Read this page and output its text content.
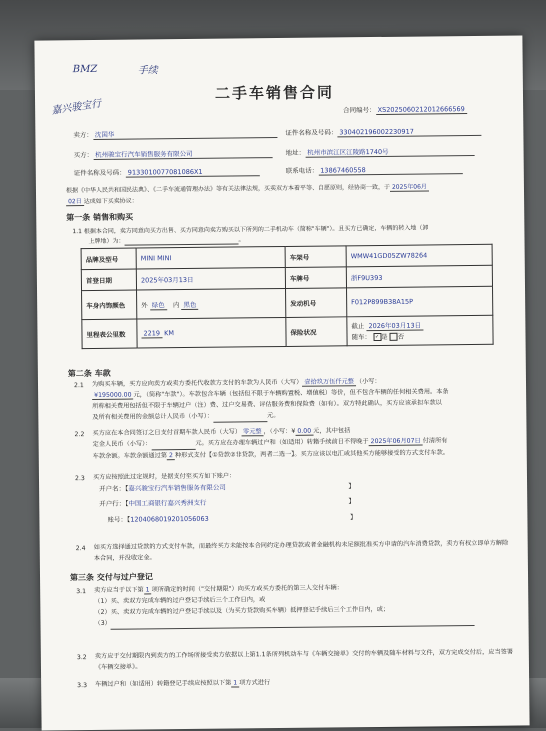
BMZ	手续
嘉兴骏宝行
二手车销售合同
合同编号： XS2025060212012666569
卖方： 沈国华	证件名称及号码： 330402196002230917
买方： 杭州骏宝行汽车销售服务有限公司	地址： 杭州市滨江区江陵路1740号
证件名称及号码： 913301007708108​6X1	联系电话： 13867460558
根据《中华人民共和国民法典》、《二手车流通管理办法》等有关法律法规，买卖双方本着平等、自愿原则，经协商一致，于 2025年06月
02日 达成如下买卖协议：
第一条 销售和购买
1.1 根据本合同，卖方同意向买方出售、买方同意向卖方购买以下所列的二手机动车（简称"车辆"）。且买方已确定，车辆的转入地（卸
上牌地）为：	。
品牌及型号	MINI MINI	车架号	WMW41GD05Z​W78264
首登日期	2025年03月13日	车牌号	浙F9U393
车身内饰颜色	外 绿色 内 黑色	发动机号	F012P899B38A15P
里程表公里数	2219 KM	保险状况	截止 2026年03月13日
随车： ✓ 是 否
第二条 车款
2.1 为购买车辆，买方应向卖方或卖方委托代收款方支付的车款为人民币（大写） 壹拾玖万伍仟元整 （小写：
¥195000.00 元，（简称"车款"）。车款包含车辆（包括但不限于车辆购置税、增值税）等价，但不包含车辆的任何相关费用。本条
所称相关费用包括但不限于车辆过户（注）费、过户交易费、评估服务费和保险费（如有）。双方特此确认，买方应该承担车款以
及所有相关费用的金额总计人民币（小写）：	元。
2.2 买方应在本合同签订之日支付首期车款人民币（大写） 零元整 ，（小写：¥ 0.00 元，其中包括
定金人民币（小写）：	元。买方应在办理车辆过户和（如适用）转籍手续前日不得晚于 2025年06月07日 付清所有
车款余额。车款余额通过第 2 种形式支付【①贷款②非贷款，两者二选一】。买方应该以电汇或其他买方能够接受的方式支付车款。
2.3 买方应按照此过定规时，是据支付至买方如下账户：
开户名：【嘉兴骏宝行汽车销售服务有限公司	】
开户行：【中国工商银行嘉兴秀洲支行	】
账号：【1204068019201056063	】
2.4 如买方选择通过贷款的方式支付车款，而最终买方未能按本合同约定办理贷款或者金融机构未足额批准买方申请的汽车消费贷款，卖方有权立即单方解除本合同，并没收定金。
第三条 交付与过户登记
3.1 卖方应当于以下第 1 项所确定的时间（"交付期限"）向买方或买方委托的第三人交付车辆：
（1）买、卖双方完成车辆的过户登记手续后三个工作日内，或
（2）买、卖双方完成车辆的过户登记手续以及（为买方贷款购买车辆）抵押登记手续后三个工作日内，或；
（3）
3.2 卖方应于交付期限内到卖方的工作场所接受卖方依据以上第1.1条所列机动车与《车辆交接单》交付的车辆及随车材料与文件，双方完成交付后，应当签署《车辆交接单》。
3.3 车辆过户和（如适用）转籍登记手续应按照以下第 1 项方式进行
